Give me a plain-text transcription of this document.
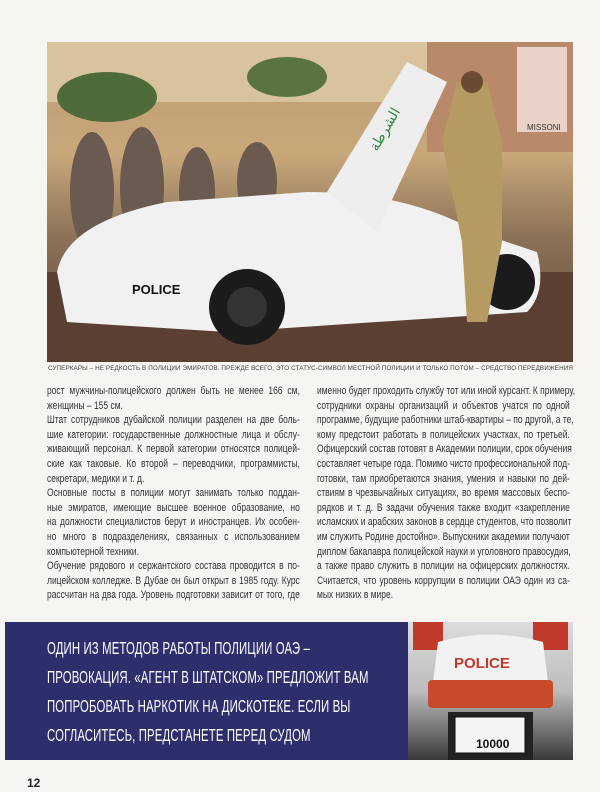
MISSONI
POLICE
الشرطة
СУПЕРКАРЫ – НЕ РЕДКОСТЬ В ПОЛИЦИИ ЭМИРАТОВ. ПРЕЖДЕ ВСЕГО, ЭТО СТАТУС-СИМВОЛ МЕСТНОЙ ПОЛИЦИИ И ТОЛЬКО ПОТОМ – СРЕДСТВО ПЕРЕДВИЖЕНИЯ
рост мужчины-полицейского должен быть не менее 166 см,
женщины – 155 см.
Штат сотрудников дубайской полиции разделен на две боль-
шие категории: государственные должностные лица и обслу-
живающий персонал. К первой категории относятся полицей-
ские как таковые. Ко второй – переводчики, программисты,
секретари, медики и т. д.
Основные посты в полиции могут занимать только поддан-
ные эмиратов, имеющие высшее военное образование, но
на должности специалистов берут и иностранцев. Их особен-
но много в подразделениях, связанных с использованием
компьютерной техники.
Обучение рядового и сержантского состава проводится в по-
лицейском колледже. В Дубае он был открыт в 1985 году. Курс
рассчитан на два года. Уровень подготовки зависит от того, где
именно будет проходить службу тот или иной курсант. К примеру,
сотрудники охраны организаций и объектов учатся по одной
программе, будущие работники штаб-квартиры – по другой, а те,
кому предстоит работать в полицейских участках, по третьей.
Офицерский состав готовят в Академии полиции, срок обучения
составляет четыре года. Помимо чисто профессиональной под-
готовки, там приобретаются знания, умения и навыки по дей-
ствиям в чрезвычайных ситуациях, во время массовых беспо-
рядков и т. д. В задачи обучения также входит «закрепление
исламских и арабских законов в сердце студентов, что позволит
им служить Родине достойно». Выпускники академии получают
диплом бакалавра полицейской науки и уголовного правосудия,
а также право служить в полиции на офицерских должностях.
Считается, что уровень коррупции в полиции ОАЭ один из са-
мых низких в мире.
ОДИН ИЗ МЕТОДОВ РАБОТЫ ПОЛИЦИИ ОАЭ –
ПРОВОКАЦИЯ. «АГЕНТ В ШТАТСКОМ» ПРЕДЛОЖИТ ВАМ
ПОПРОБОВАТЬ НАРКОТИК НА ДИСКОТЕКЕ. ЕСЛИ ВЫ
СОГЛАСИТЕСЬ, ПРЕДСТАНЕТЕ ПЕРЕД СУДОМ
POLICE
10000
12
